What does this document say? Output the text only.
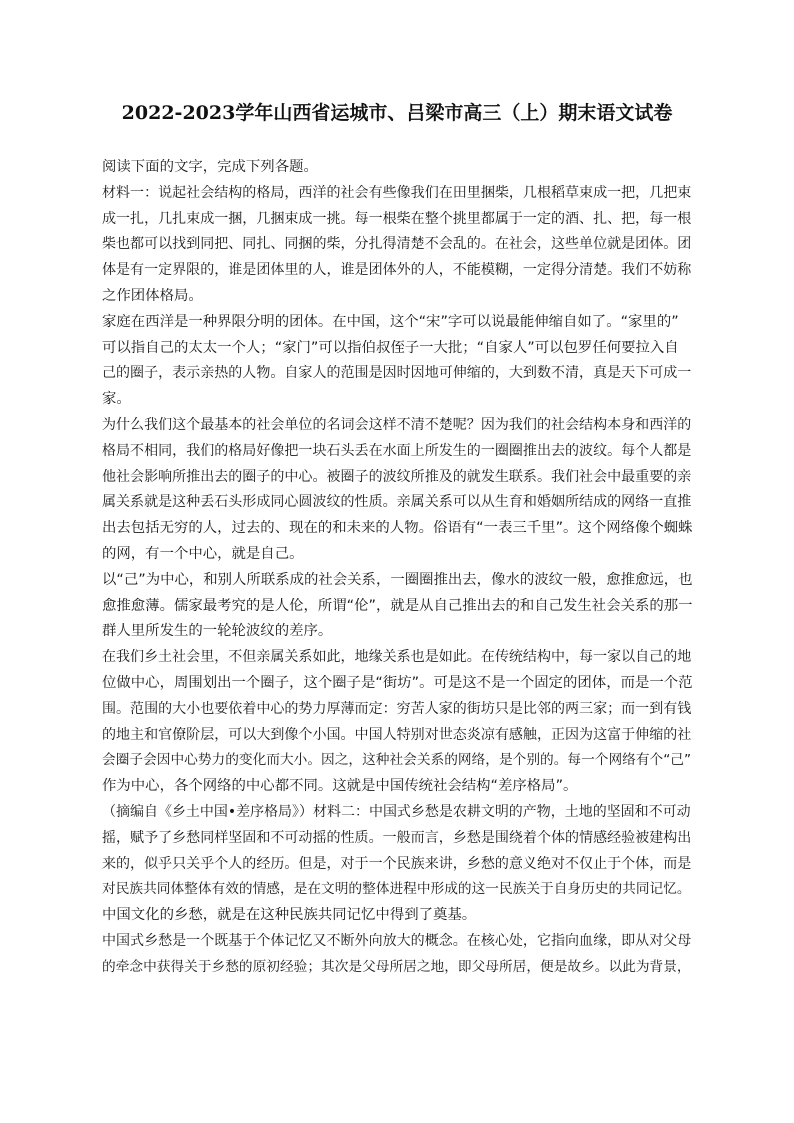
2022-2023学年山西省运城市、吕梁市高三（上）期末语文试卷
阅读下面的文字，完成下列各题。
材料一：说起社会结构的格局，西洋的社会有些像我们在田里捆柴，几根稻草束成一把，几把束
成一扎，几扎束成一捆，几捆束成一挑。每一根柴在整个挑里都属于一定的酒、扎、把，每一根
柴也都可以找到同把、同扎、同捆的柴，分扎得清楚不会乱的。在社会，这些单位就是团体。团
体是有一定界限的，谁是团体里的人，谁是团体外的人，不能模糊，一定得分清楚。我们不妨称
之作团体格局。
家庭在西洋是一种界限分明的团体。在中国，这个“宋”字可以说最能伸缩自如了。“家里的”
可以指自己的太太一个人；“家门”可以指伯叔侄子一大批；“自家人”可以包罗任何要拉入自
己的圈子，表示亲热的人物。自家人的范围是因时因地可伸缩的，大到数不清，真是天下可成一
家。
为什么我们这个最基本的社会单位的名词会这样不清不楚呢？因为我们的社会结构本身和西洋的
格局不相同，我们的格局好像把一块石头丢在水面上所发生的一圈圈推出去的波纹。每个人都是
他社会影响所推出去的圈子的中心。被圈子的波纹所推及的就发生联系。我们社会中最重要的亲
属关系就是这种丢石头形成同心圆波纹的性质。亲属关系可以从生育和婚姻所结成的网络一直推
出去包括无穷的人，过去的、现在的和未来的人物。俗语有“一表三千里”。这个网络像个蜘蛛
的网，有一个中心，就是自己。
以“己”为中心，和别人所联系成的社会关系，一圈圈推出去，像水的波纹一般，愈推愈远，也
愈推愈薄。儒家最考究的是人伦，所谓“伦”，就是从自己推出去的和自己发生社会关系的那一
群人里所发生的一轮轮波纹的差序。
在我们乡土社会里，不但亲属关系如此，地缘关系也是如此。在传统结构中，每一家以自己的地
位做中心，周围划出一个圈子，这个圈子是“街坊”。可是这不是一个固定的团体，而是一个范
围。范围的大小也要依着中心的势力厚薄而定：穷苦人家的街坊只是比邻的两三家；而一到有钱
的地主和官僚阶层，可以大到像个小国。中国人特别对世态炎凉有感触，正因为这富于伸缩的社
会圈子会因中心势力的变化而大小。因之，这种社会关系的网络，是个别的。每一个网络有个“己”
作为中心，各个网络的中心都不同。这就是中国传统社会结构“差序格局”。
（摘编自《乡土中国•差序格局》）材料二：中国式乡愁是农耕文明的产物，土地的坚固和不可动
摇，赋予了乡愁同样坚固和不可动摇的性质。一般而言，乡愁是围绕着个体的情感经验被建构出
来的，似乎只关乎个人的经历。但是，对于一个民族来讲，乡愁的意义绝对不仅止于个体，而是
对民族共同体整体有效的情感，是在文明的整体进程中形成的这一民族关于自身历史的共同记忆。
中国文化的乡愁，就是在这种民族共同记忆中得到了奠基。
中国式乡愁是一个既基于个体记忆又不断外向放大的概念。在核心处，它指向血缘，即从对父母
的牵念中获得关于乡愁的原初经验；其次是父母所居之地，即父母所居，便是故乡。以此为背景，
